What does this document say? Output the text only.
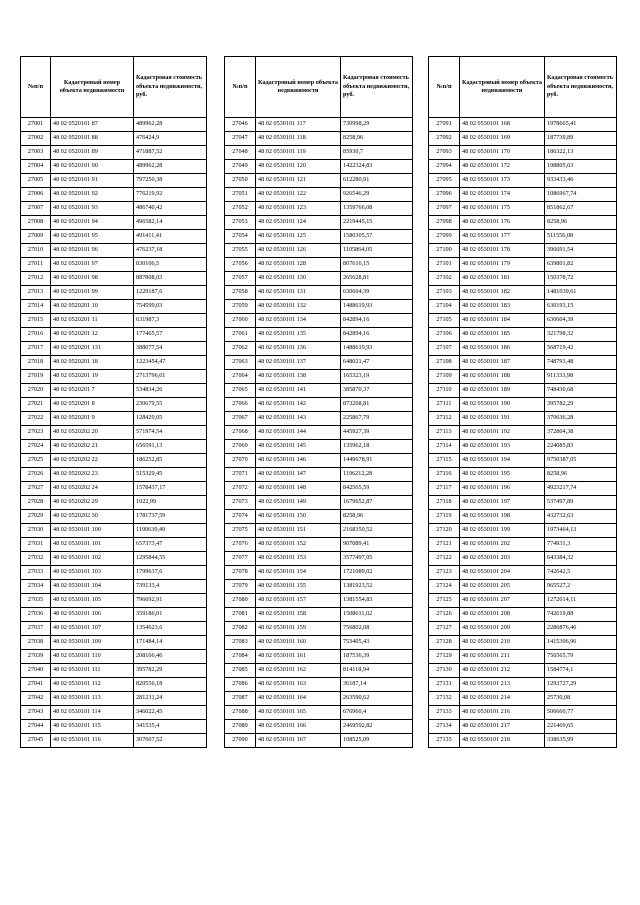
№п/п	Кадастровый номер объекта недвижимости	Кадастровая стоимость объекта недвижимости, руб.
27001	48 02 0520101 87	489962,28
27002	48 02 0520101 88	476424,9
27003	48 02 0520101 89	471887,52
27004	48 02 0520101 90	489962,28
27005	48 02 0520101 91	797250,38
27006	48 02 0520101 92	776219,92
27007	48 02 0520101 93	486740,42
27008	48 02 0520101 94	496582,14
27009	48 02 0520101 95	491411,41
27010	48 02 0520101 96	476237,18
27011	48 02 0520101 97	830106,5
27012	48 02 0520101 98	887808,03
27013	48 02 0520101 99	1229187,6
27014	48 02 0520201 10	754599,03
27015	48 02 0520201 11	631987,3
27016	48 02 0520201 12	177465,57
27017	48 02 0520201 131	388077,54
27018	48 02 0520201 18	1223454,47
27019	48 02 0520201 19	2713796,01
27020	48 02 0520201 7	534834,26
27021	48 02 0520201 8	230679,55
27022	48 02 0520201 9	128429,05
27023	48 02 0520202 20	571974,54
27024	48 02 0520202 21	656591,13
27025	48 02 0520202 22	186252,85
27026	48 02 0520202 23	515329,45
27027	48 02 0520202 24	1578437,17
27028	48 02 0520202 29	1022,99
27029	48 02 0520202 30	1781737,59
27030	48 02 0530101 100	1190630,49
27031	48 02 0530101 101	657373,47
27032	48 02 0530101 102	1295844,55
27033	48 02 0530101 103	1799637,6
27034	48 02 0530101 104	739133,4
27035	48 02 0530101 105	796692,91
27036	48 02 0530101 106	359186,01
27037	48 02 0530101 107	1354623,6
27038	48 02 0530101 109	171484,14
27039	48 02 0530101 110	208166,46
27040	48 02 0530101 111	395782,29
27041	48 02 0530101 112	820556,18
27042	48 02 0530101 113	281231,24
27043	48 02 0530101 114	346022,45
27044	48 02 0530101 115	341535,4
27045	48 02 0530101 116	307607,52
№п/п	Кадастровый номер объекта недвижимости	Кадастровая стоимость объекта недвижимости, руб.
27046	48 02 0530101 117	730998,29
27047	48 02 0530101 118	8258,96
27048	48 02 0530101 119	85930,7
27049	48 02 0530101 120	1422324,83
27050	48 02 0530101 121	612280,91
27051	48 02 0530101 122	926546,29
27052	48 02 0530101 123	1359766,08
27053	48 02 0530101 124	2219445,15
27054	48 02 0530101 125	1580305,57
27055	48 02 0530101 126	1105864,05
27056	48 02 0530101 128	807616,15
27057	48 02 0530101 130	265628,81
27058	48 02 0530101 131	630604,39
27059	48 02 0530101 132	1488619,93
27060	48 02 0530101 134	842894,16
27061	48 02 0530101 135	842894,16
27062	48 02 0530101 136	1488619,93
27063	48 02 0530101 137	648021,47
27064	48 02 0530101 138	165323,19
27065	48 02 0530101 141	385870,37
27066	48 02 0530101 142	873268,81
27067	48 02 0530101 143	225867,79
27068	48 02 0530101 144	445927,39
27069	48 02 0530101 145	135962,18
27070	48 02 0530101 146	1449678,91
27071	48 02 0530101 147	1196212,28
27072	48 02 0530101 148	842565,59
27073	48 02 0530101 149	1679652,87
27074	48 02 0530101 150	8258,96
27075	48 02 0530101 151	2168350,52
27076	48 02 0530101 152	907089,41
27077	48 02 0530101 153	3577497,05
27078	48 02 0530101 154	1721089,02
27079	48 02 0530101 155	1381923,52
27080	48 02 0530101 157	1381554,83
27081	48 02 0530101 158	1508611,02
27082	48 02 0530101 159	756802,08
27083	48 02 0530101 160	753405,43
27084	48 02 0530101 161	187536,39
27085	48 02 0530101 162	814118,94
27086	48 02 0530101 163	36187,14
27087	48 02 0530101 164	263590,62
27088	48 02 0530101 165	676960,4
27089	48 02 0530101 166	2469592,82
27090	48 02 0530101 167	108525,09
№п/п	Кадастровый номер объекта недвижимости	Кадастровая стоимость объекта недвижимости, руб.
27091	48 02 0530101 168	1978665,41
27092	48 02 0530101 169	187739,89
27093	48 02 0530101 170	186322,13
27094	48 02 0530101 172	198805,63
27095	48 02 0530101 173	933433,46
27096	48 02 0530101 174	1086967,74
27097	48 02 0530101 175	851862,67
27098	48 02 0530101 176	8258,96
27099	48 02 0530101 177	511556,08
27100	48 02 0530101 178	396691,54
27101	48 02 0530101 179	639801,82
27102	48 02 0530101 181	150378,72
27103	48 02 0530101 182	1481039,61
27104	48 02 0530101 183	630193,15
27105	48 02 0530101 184	630604,39
27106	48 02 0530101 185	321798,32
27107	48 02 0530101 186	568719,42
27108	48 02 0530101 187	748793,48
27109	48 02 0530101 188	911333,98
27110	48 02 0530101 189	748430,68
27111	48 02 0530101 190	395782,29
27112	48 02 0530101 191	370636,28
27113	48 02 0530101 192	372804,38
27114	48 02 0530101 193	224085,83
27115	48 02 0530101 194	9750387,05
27116	48 02 0530101 195	8258,96
27117	48 02 0530101 196	4923217,74
27118	48 02 0530101 197	537497,89
27119	48 02 0530101 198	432732,63
27120	48 02 0530101 199	1973464,13
27121	48 02 0530101 202	774931,3
27122	48 02 0530101 203	643384,32
27123	48 02 0530101 204	742642,5
27124	48 02 0530101 205	965527,2
27125	48 02 0530101 207	1272014,11
27126	48 02 0530101 208	742619,88
27127	48 02 0530101 209	2286876,46
27128	48 02 0530101 210	1415396,96
27129	48 02 0530101 211	756565,79
27130	48 02 0530101 212	1584774,1
27131	48 02 0530101 213	1293727,29
27132	48 02 0530101 214	25730,08
27133	48 02 0530101 216	506660,77
27134	48 02 0530101 217	221469,65
27135	48 02 0530101 218	338635,99
